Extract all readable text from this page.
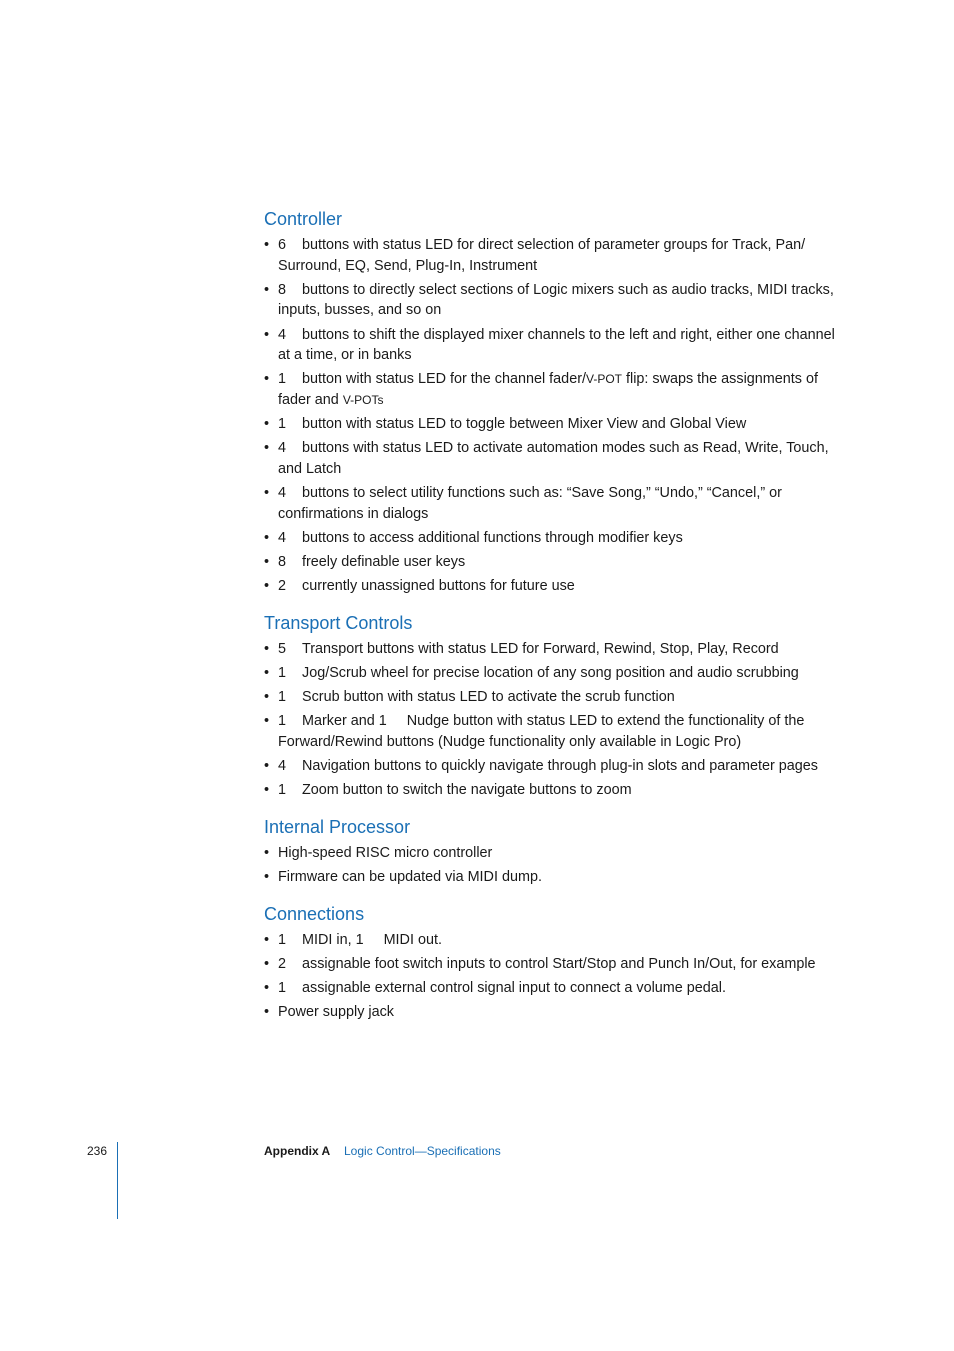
Controller
• 6 buttons with status LED for direct selection of parameter groups for Track, Pan/ Surround, EQ, Send, Plug-In, Instrument
• 8 buttons to directly select sections of Logic mixers such as audio tracks, MIDI tracks, inputs, busses, and so on
• 4 buttons to shift the displayed mixer channels to the left and right, either one channel at a time, or in banks
• 1 button with status LED for the channel fader/V-POT flip: swaps the assignments of fader and V-POTs
• 1 button with status LED to toggle between Mixer View and Global View
• 4 buttons with status LED to activate automation modes such as Read, Write, Touch, and Latch
• 4 buttons to select utility functions such as: “Save Song,” “Undo,” “Cancel,” or confirmations in dialogs
• 4 buttons to access additional functions through modifier keys
• 8 freely definable user keys
• 2 currently unassigned buttons for future use
Transport Controls
• 5 Transport buttons with status LED for Forward, Rewind, Stop, Play, Record
• 1 Jog/Scrub wheel for precise location of any song position and audio scrubbing
• 1 Scrub button with status LED to activate the scrub function
• 1 Marker and 1     Nudge button with status LED to extend the functionality of the Forward/Rewind buttons (Nudge functionality only available in Logic Pro)
• 4 Navigation buttons to quickly navigate through plug-in slots and parameter pages
• 1 Zoom button to switch the navigate buttons to zoom
Internal Processor
• High-speed RISC micro controller
• Firmware can be updated via MIDI dump.
Connections
• 1 MIDI in, 1     MIDI out.
• 2 assignable foot switch inputs to control Start/Stop and Punch In/Out, for example
• 1 assignable external control signal input to connect a volume pedal.
• Power supply jack
236	Appendix A Logic Control—Specifications
